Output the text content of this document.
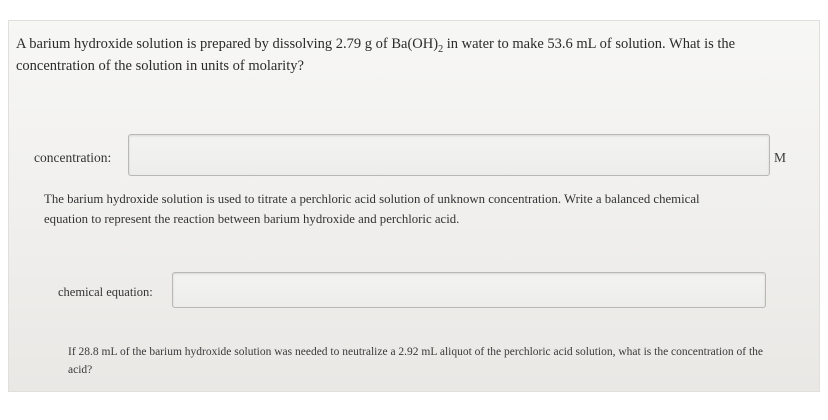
A barium hydroxide solution is prepared by dissolving 2.79 g of $Ba(OH)_2$ in water to make 53.6 mL of solution. What is the concentration of the solution in units of molarity?

concentration:	M

The barium hydroxide solution is used to titrate a perchloric acid solution of unknown concentration. Write a balanced chemical equation to represent the reaction between barium hydroxide and perchloric acid.

chemical equation:

If 28.8 mL of the barium hydroxide solution was needed to neutralize a 2.92 mL aliquot of the perchloric acid solution, what is the concentration of the acid?
